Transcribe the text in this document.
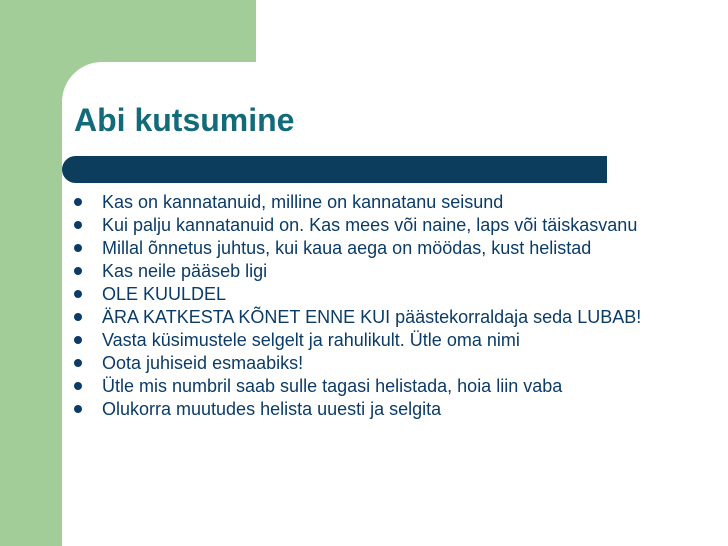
Abi kutsumine
Kas on kannatanuid, milline on kannatanu seisund
Kui palju kannatanuid on. Kas mees või naine, laps või täiskasvanu
Millal õnnetus juhtus, kui kaua aega on möödas, kust helistad
Kas neile pääseb ligi
OLE KUULDEL
ÄRA KATKESTA KÕNET ENNE KUI päästekorraldaja seda LUBAB!
Vasta küsimustele selgelt ja rahulikult. Ütle oma nimi
Oota juhiseid esmaabiks!
Ütle mis numbril saab sulle tagasi helistada, hoia liin vaba
Olukorra muutudes helista uuesti ja selgita
